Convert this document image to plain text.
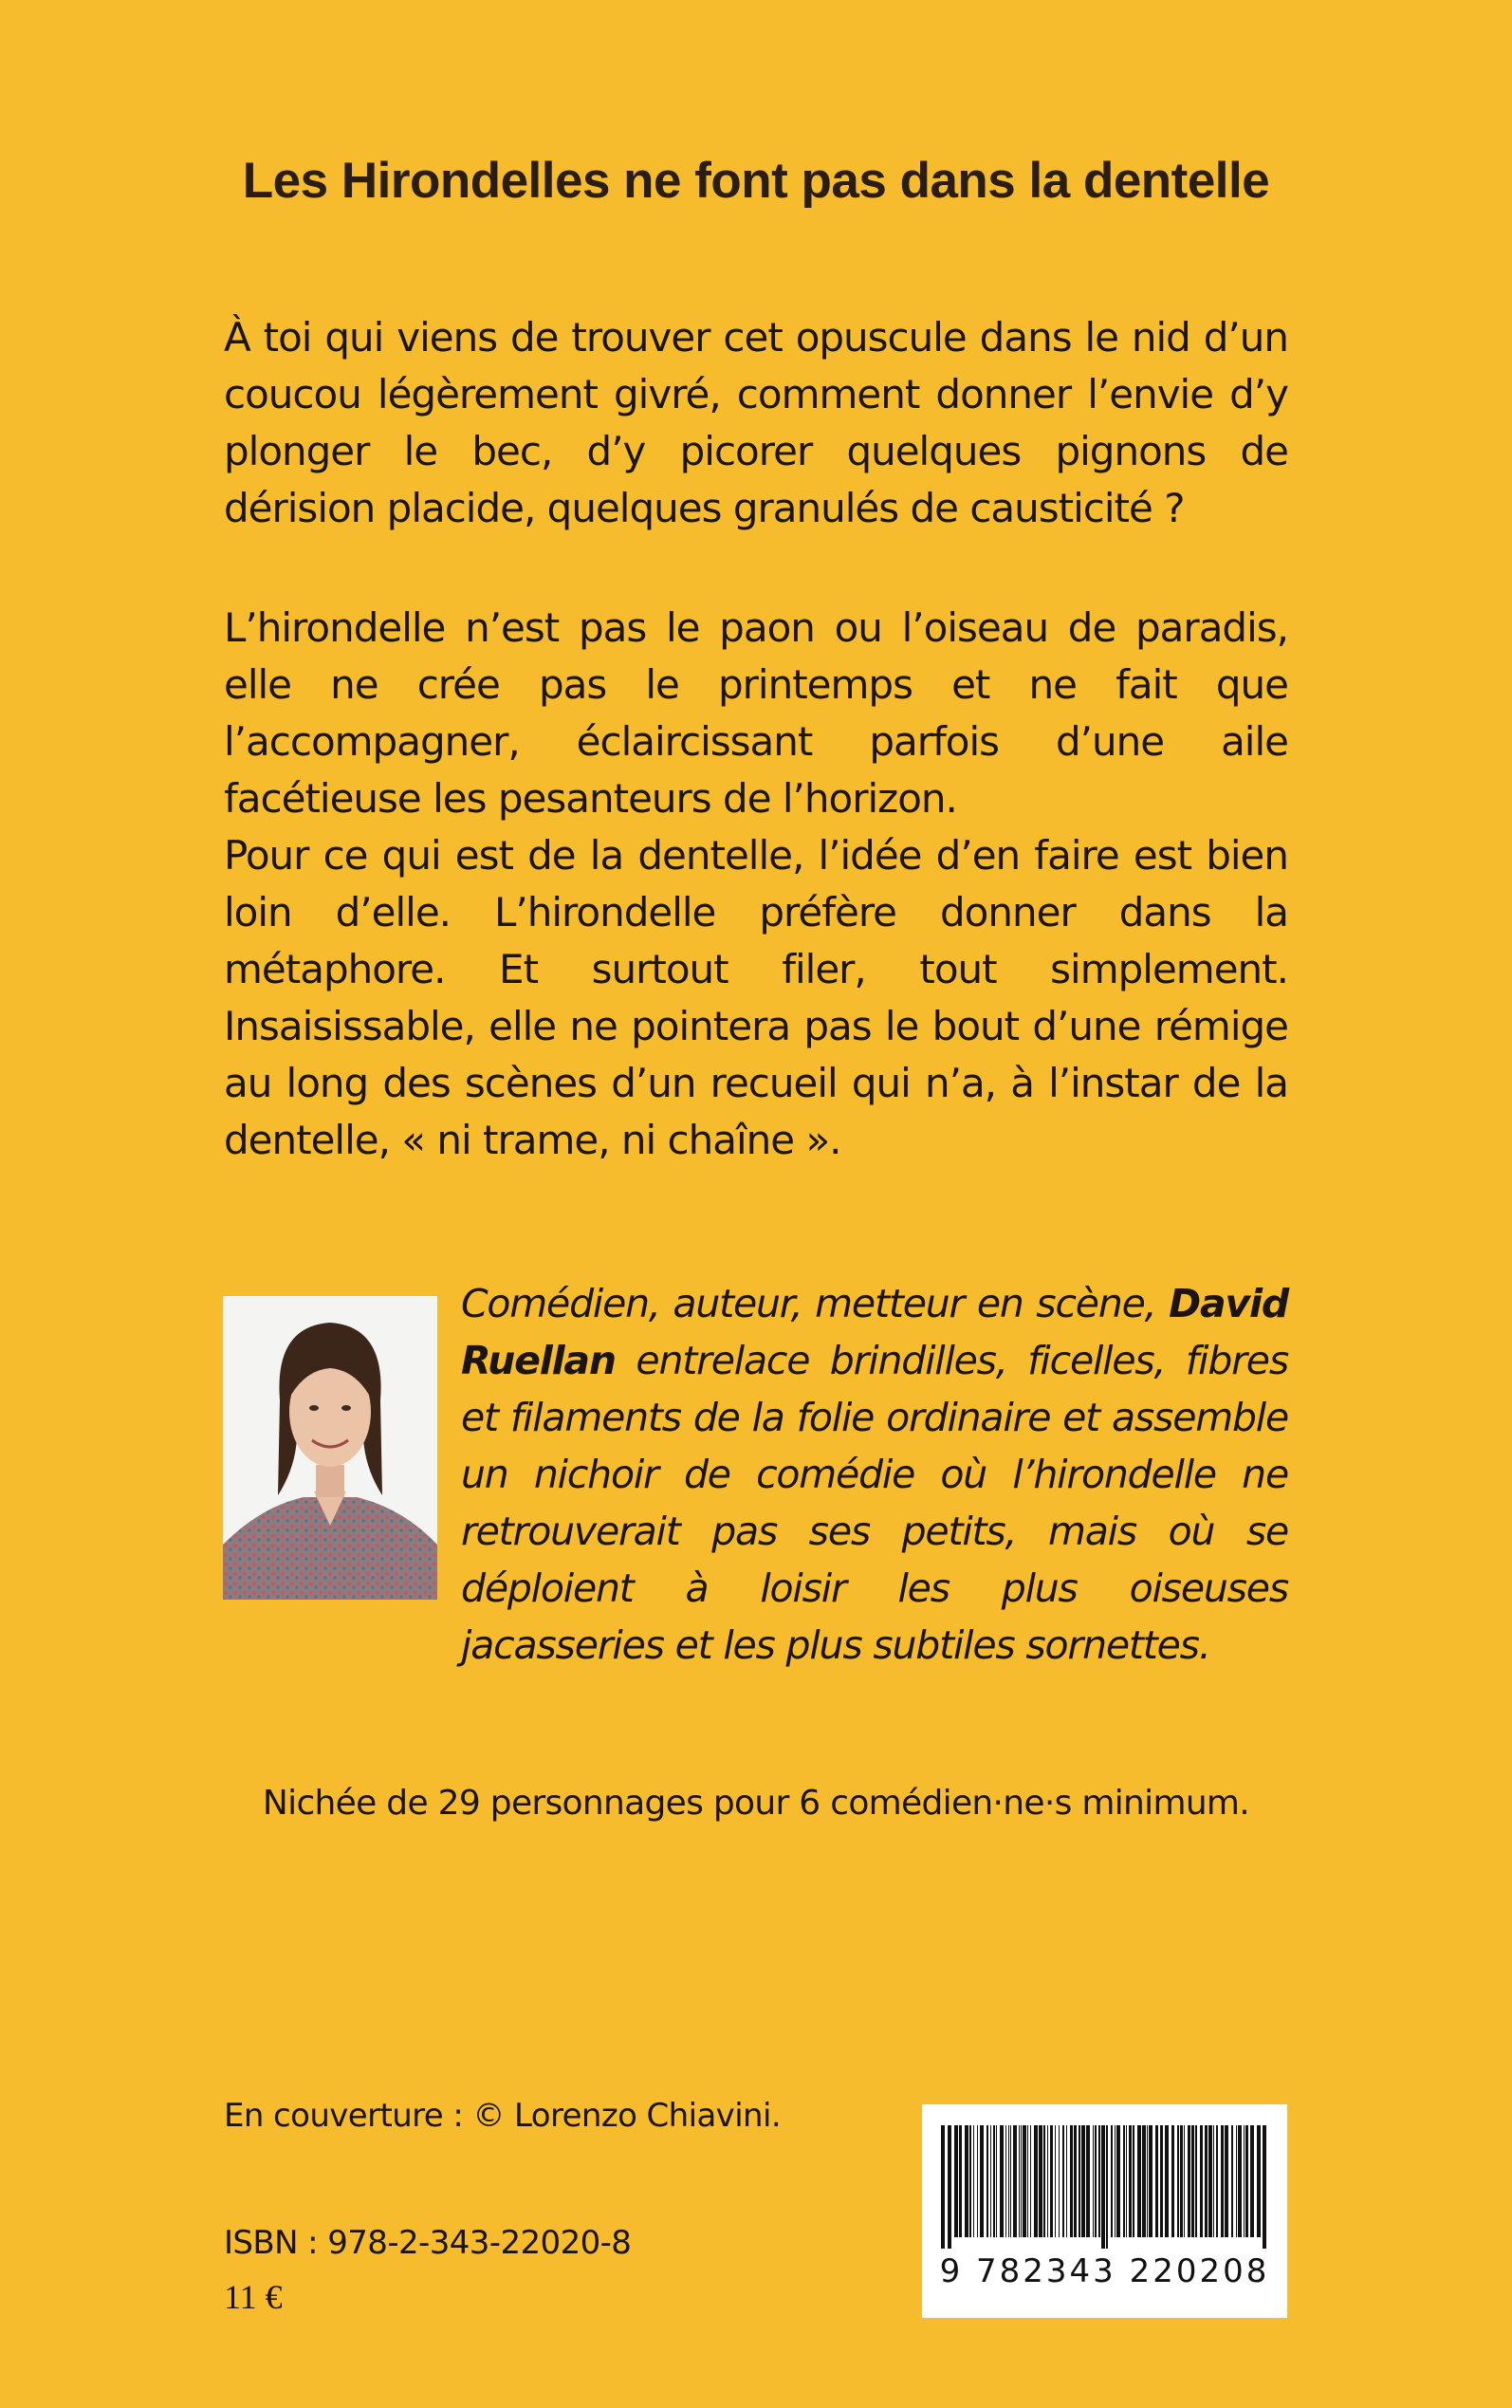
Les Hirondelles ne font pas dans la dentelle

À toi qui viens de trouver cet opuscule dans le nid d’un coucou légèrement givré, comment donner l’envie d’y plonger le bec, d’y picorer quelques pignons de dérision placide, quelques granulés de causticité ?

L’hirondelle n’est pas le paon ou l’oiseau de paradis, elle ne crée pas le printemps et ne fait que l’accompagner, éclaircissant parfois d’une aile facétieuse les pesanteurs de l’horizon.

Pour ce qui est de la dentelle, l’idée d’en faire est bien loin d’elle. L’hirondelle préfère donner dans la métaphore. Et surtout filer, tout simplement. Insaisissable, elle ne pointera pas le bout d’une rémige au long des scènes d’un recueil qui n’a, à l’instar de la dentelle, « ni trame, ni chaîne ».

Comédien, auteur, metteur en scène, David Ruellan entrelace brindilles, ficelles, fibres et filaments de la folie ordinaire et assemble un nichoir de comédie où l’hirondelle ne retrouverait pas ses petits, mais où se déploient à loisir les plus oiseuses jacasseries et les plus subtiles sornettes.

Nichée de 29 personnages pour 6 comédien·ne·s minimum.
En couverture : © Lorenzo Chiavini.
ISBN : 978-2-343-22020-8
11 €
9 782343 220208
